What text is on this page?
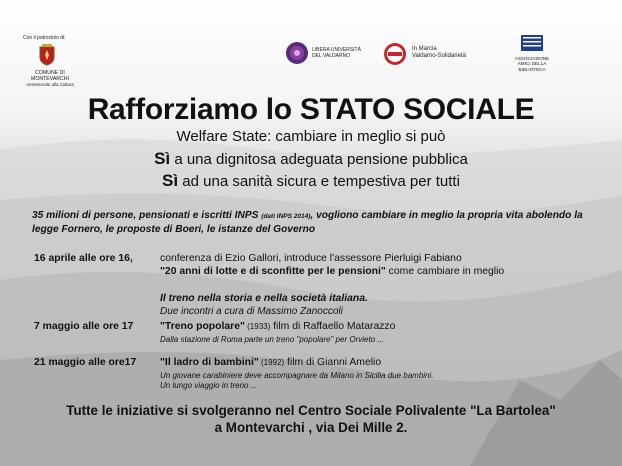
Con il patrocinio di:
COMUNE DI
MONTEVARCHI
Assessorato alla Cultura
LIBERA UNIVERSITÀ
DEL VALDARNO
In Marcia
Valdarno-Solidarietà	ASSOCIAZIONE
AMICI DELLA BIBLIOTECA
Rafforziamo lo STATO SOCIALE
Welfare State: cambiare in meglio si può
Sì a una dignitosa adeguata pensione pubblica
Sì ad una sanità sicura e tempestiva per tutti
35 milioni di persone, pensionati e iscritti INPS (dati INPS 2014), vogliono cambiare in meglio la propria vita abolendo la legge Fornero, le proposte di Boeri, le istanze del Governo
16 aprile alle ore 16,	conferenza di Ezio Gallori, introduce l'assessore Pierluigi Fabiano
"20 anni di lotte e di sconfitte per le pensioni" come cambiare in meglio
Il treno nella storia e nella società italiana.
Due incontri a cura di Massimo Zanoccoli
7 maggio alle ore 17	"Treno popolare" (1933) film di Raffaello Matarazzo
Dalla stazione di Roma parte un treno "popolare" per Orvieto ...
21 maggio alle ore17 "Il ladro di bambini" (1992) film di Gianni Amelio
Un giovane carabiniere deve accompagnare da Milano in Sicilia due bambini.
Un lungo viaggio in treno ...
Tutte le iniziative si svolgeranno nel Centro Sociale Polivalente "La Bartolea"
a Montevarchi , via Dei Mille 2.
